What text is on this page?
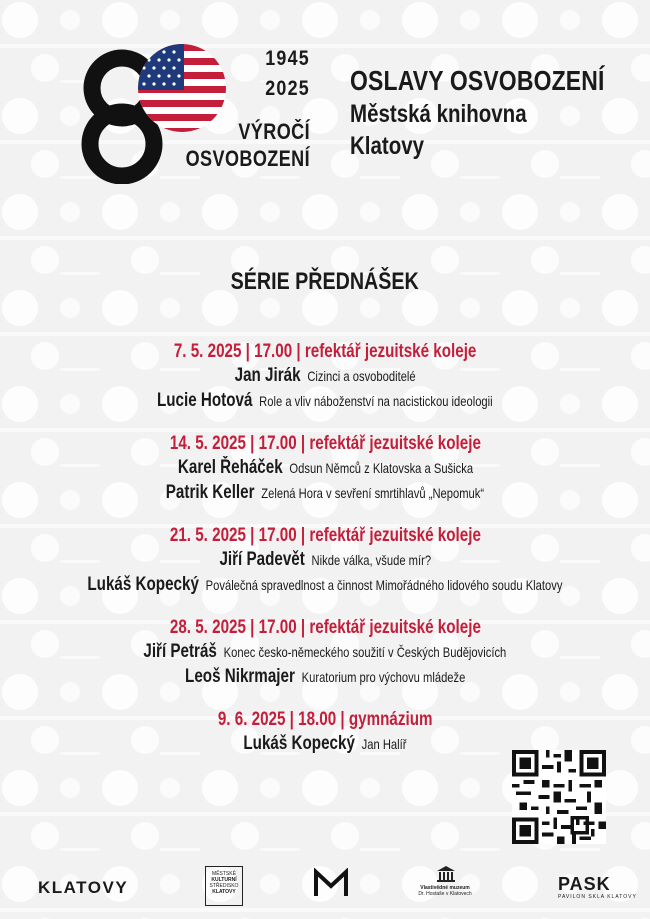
1945
2025
VÝROČÍ
OSVOBOZENÍ
OSLAVY OSVOBOZENÍ
Městská knihovna
Klatovy
SÉRIE PŘEDNÁŠEK
7. 5. 2025 | 17.00 | refektář jezuitské koleje
Jan Jirák Cizinci a osvoboditelé
Lucie Hotová Role a vliv náboženství na nacistickou ideologii
14. 5. 2025 | 17.00 | refektář jezuitské koleje
Karel Řeháček Odsun Němců z Klatovska a Sušicka
Patrik Keller Zelená Hora v sevření smrtihlavů „Nepomuk“
21. 5. 2025 | 17.00 | refektář jezuitské koleje
Jiří Padevět Nikde válka, všude mír?
Lukáš Kopecký Poválečná spravedlnost a činnost Mimořádného lidového soudu Klatovy
28. 5. 2025 | 17.00 | refektář jezuitské koleje
Jiří Petráš Konec česko-německého soužití v Českých Budějovicích
Leoš Nikrmajer Kuratorium pro výchovu mládeže
9. 6. 2025 | 18.00 | gymnázium
Lukáš Kopecký Jan Halíř
KLATOVY
MĚSTSKÉ
KULTURNÍ
STŘEDISKO
KLATOVY
Vlastivědné muzeum
Dr. Hostaše v Klatovech	PASK
PAVILON SKLA KLATOVY
